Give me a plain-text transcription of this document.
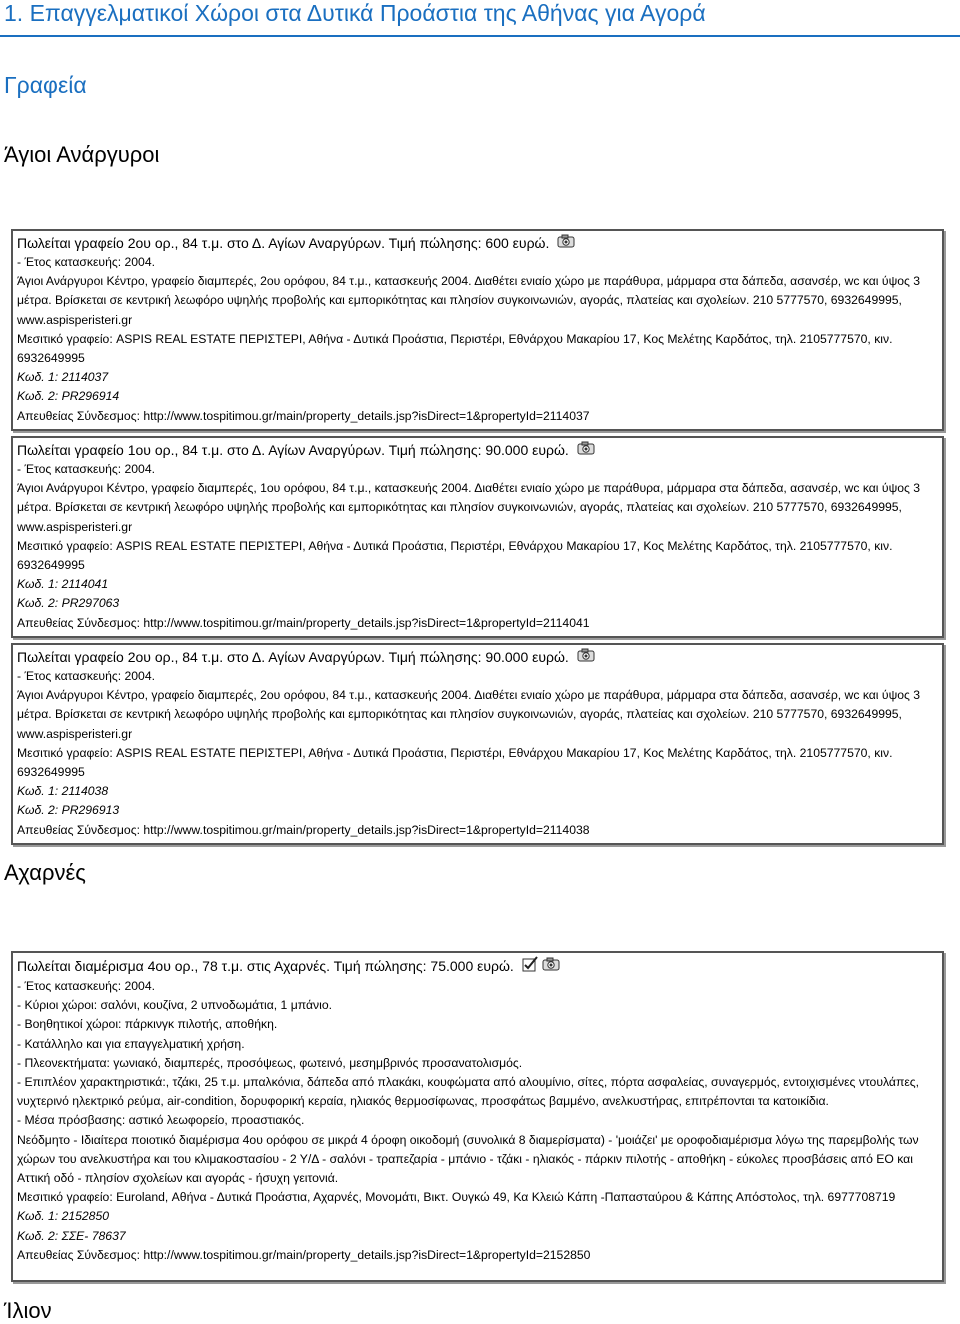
1. Επαγγελματικοί Χώροι στα Δυτικά Προάστια της Αθήνας για Αγορά
Γραφεία
Άγιοι Ανάργυροι
Πωλείται γραφείο 2ου ορ., 84 τ.μ. στο Δ. Αγίων Αναργύρων. Τιμή πώλησης: 600 ευρώ.
- Έτος κατασκευής: 2004.
Άγιοι Ανάργυροι Κέντρο, γραφείο διαμπερές, 2ου ορόφου, 84 τ.μ., κατασκευής 2004. Διαθέτει ενιαίο χώρο με παράθυρα, μάρμαρα στα δάπεδα, ασανσέρ, wc και ύψος 3 μέτρα. Βρίσκεται σε κεντρική λεωφόρο υψηλής προβολής και εμπορικότητας και πλησίον συγκοινωνιών, αγοράς, πλατείας και σχολείων. 210 5777570, 6932649995, www.aspisperisteri.gr
Μεσιτικό γραφείο: ASPIS REAL ESTATE ΠΕΡΙΣΤΕΡΙ, Αθήνα - Δυτικά Προάστια, Περιστέρι, Εθνάρχου Μακαρίου 17, Κος Μελέτης Καρδάτος, τηλ. 2105777570, κιν. 6932649995
Κωδ. 1: 2114037
Κωδ. 2: PR296914
Απευθείας Σύνδεσμος: http://www.tospitimou.gr/main/property_details.jsp?isDirect=1&propertyId=2114037
Πωλείται γραφείο 1ου ορ., 84 τ.μ. στο Δ. Αγίων Αναργύρων. Τιμή πώλησης: 90.000 ευρώ.
- Έτος κατασκευής: 2004.
Άγιοι Ανάργυροι Κέντρο, γραφείο διαμπερές, 1ου ορόφου, 84 τ.μ., κατασκευής 2004. Διαθέτει ενιαίο χώρο με παράθυρα, μάρμαρα στα δάπεδα, ασανσέρ, wc και ύψος 3 μέτρα. Βρίσκεται σε κεντρική λεωφόρο υψηλής προβολής και εμπορικότητας και πλησίον συγκοινωνιών, αγοράς, πλατείας και σχολείων. 210 5777570, 6932649995, www.aspisperisteri.gr
Μεσιτικό γραφείο: ASPIS REAL ESTATE ΠΕΡΙΣΤΕΡΙ, Αθήνα - Δυτικά Προάστια, Περιστέρι, Εθνάρχου Μακαρίου 17, Κος Μελέτης Καρδάτος, τηλ. 2105777570, κιν. 6932649995
Κωδ. 1: 2114041
Κωδ. 2: PR297063
Απευθείας Σύνδεσμος: http://www.tospitimou.gr/main/property_details.jsp?isDirect=1&propertyId=2114041
Πωλείται γραφείο 2ου ορ., 84 τ.μ. στο Δ. Αγίων Αναργύρων. Τιμή πώλησης: 90.000 ευρώ.
- Έτος κατασκευής: 2004.
Άγιοι Ανάργυροι Κέντρο, γραφείο διαμπερές, 2ου ορόφου, 84 τ.μ., κατασκευής 2004. Διαθέτει ενιαίο χώρο με παράθυρα, μάρμαρα στα δάπεδα, ασανσέρ, wc και ύψος 3 μέτρα. Βρίσκεται σε κεντρική λεωφόρο υψηλής προβολής και εμπορικότητας και πλησίον συγκοινωνιών, αγοράς, πλατείας και σχολείων. 210 5777570, 6932649995, www.aspisperisteri.gr
Μεσιτικό γραφείο: ASPIS REAL ESTATE ΠΕΡΙΣΤΕΡΙ, Αθήνα - Δυτικά Προάστια, Περιστέρι, Εθνάρχου Μακαρίου 17, Κος Μελέτης Καρδάτος, τηλ. 2105777570, κιν. 6932649995
Κωδ. 1: 2114038
Κωδ. 2: PR296913
Απευθείας Σύνδεσμος: http://www.tospitimou.gr/main/property_details.jsp?isDirect=1&propertyId=2114038
Αχαρνές
Πωλείται διαμέρισμα 4ου ορ., 78 τ.μ. στις Αχαρνές. Τιμή πώλησης: 75.000 ευρώ.
- Έτος κατασκευής: 2004.
- Κύριοι χώροι: σαλόνι, κουζίνα, 2 υπνοδωμάτια, 1 μπάνιο.
- Βοηθητικοί χώροι: πάρκινγκ πιλοτής, αποθήκη.
- Κατάλληλο και για επαγγελματική χρήση.
- Πλεονεκτήματα: γωνιακό, διαμπερές, προσόψεως, φωτεινό, μεσημβρινός προσανατολισμός.
- Επιπλέον χαρακτηριστικά:, τζάκι, 25 τ.μ. μπαλκόνια, δάπεδα από πλακάκι, κουφώματα από αλουμίνιο, σίτες, πόρτα ασφαλείας, συναγερμός, εντοιχισμένες ντουλάπες, νυχτερινό ηλεκτρικό ρεύμα, air-condition, δορυφορική κεραία, ηλιακός θερμοσίφωνας, προσφάτως βαμμένο, ανελκυστήρας, επιτρέπονται τα κατοικίδια.
- Μέσα πρόσβασης: αστικό λεωφορείο, προαστιακός.
Νεόδμητο - Ιδιαίτερα ποιοτικό διαμέρισμα 4ου ορόφου σε μικρά 4 όροφη οικοδομή (συνολικά 8 διαμερίσματα) - 'μοιάζει' με οροφοδιαμέρισμα λόγω της παρεμβολής των χώρων του ανελκυστήρα και του κλιμακοστασίου - 2 Υ/Δ - σαλόνι - τραπεζαρία - μπάνιο - τζάκι - ηλιακός - πάρκιν πιλοτής - αποθήκη - εύκολες προσβάσεις από ΕΟ και Αττική οδό - πλησίον σχολείων και αγοράς - ήσυχη γειτονιά.
Μεσιτικό γραφείο: Euroland, Αθήνα - Δυτικά Προάστια, Αχαρνές, Μονομάτι, Βικτ. Ουγκώ 49, Κα Κλειώ Κάπη -Παπασταύρου & Κάπης Απόστολος, τηλ. 6977708719
Κωδ. 1: 2152850
Κωδ. 2: ΣΣΕ- 78637
Απευθείας Σύνδεσμος: http://www.tospitimou.gr/main/property_details.jsp?isDirect=1&propertyId=2152850
Ίλιον
